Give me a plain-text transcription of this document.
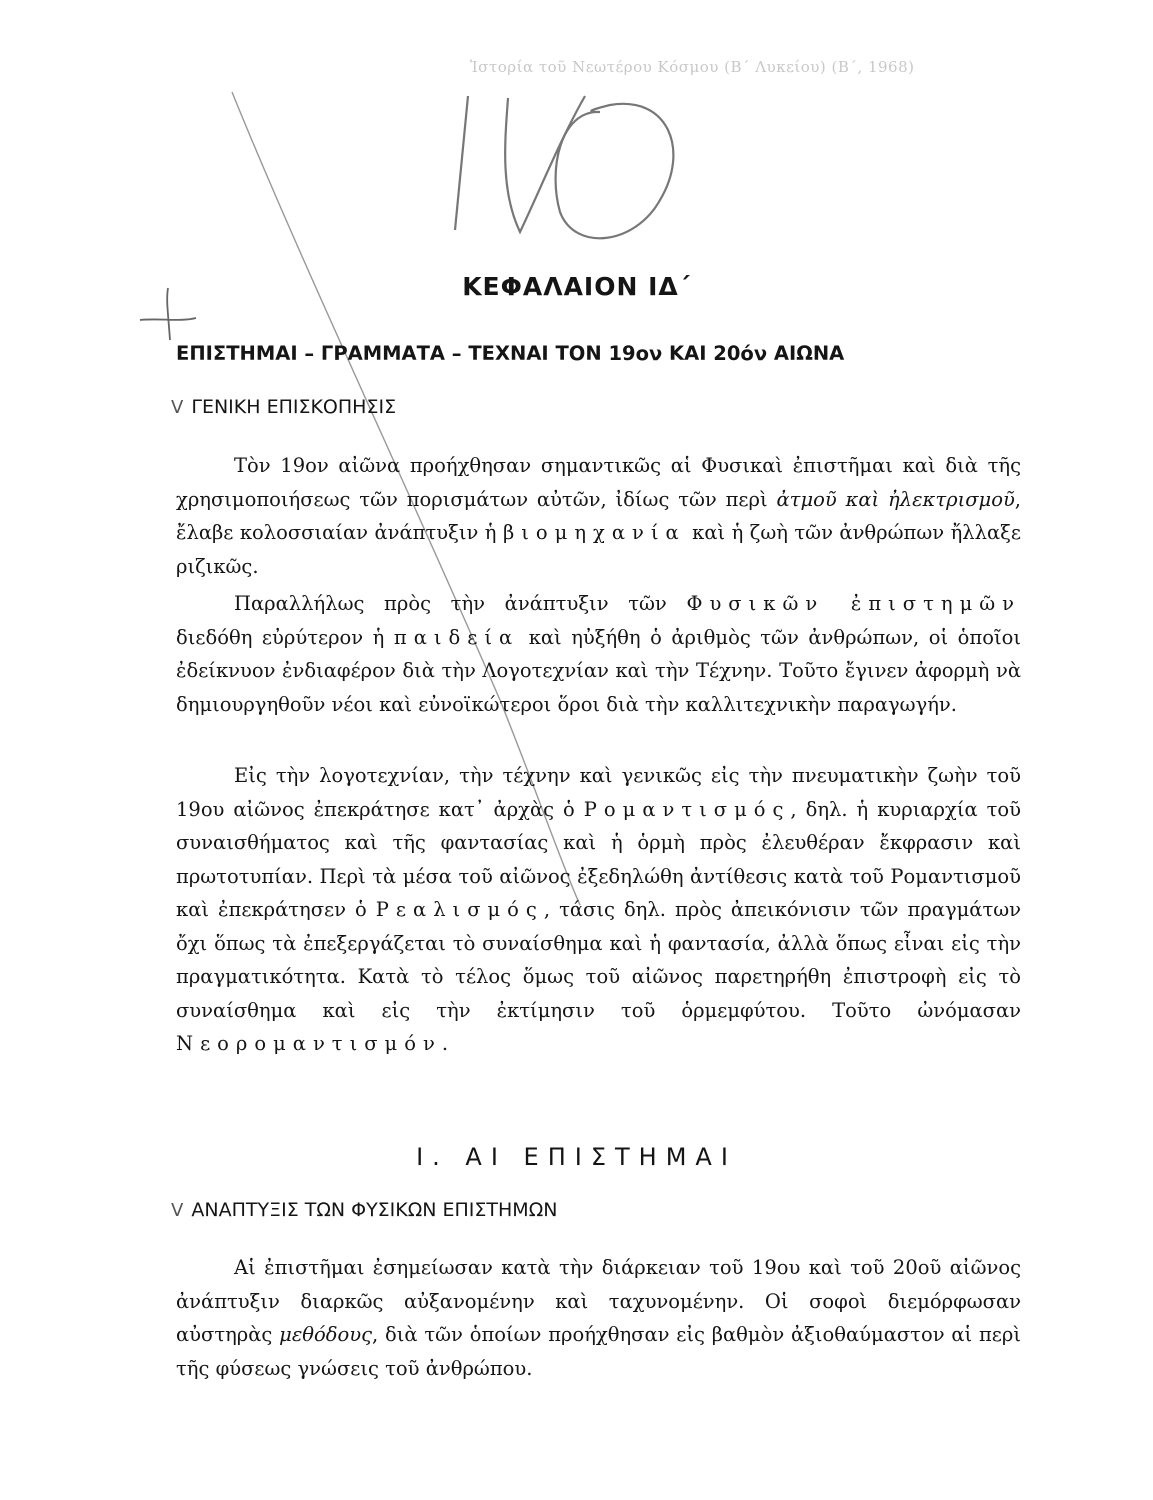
Ἱστορία τοῦ Νεωτέρου Κόσμου (Β΄ Λυκείου) (Β΄, 1968)
ΚΕΦΑΛΑΙΟΝ ΙΔ΄
ΕΠΙΣΤΗΜΑΙ – ΓΡΑΜΜΑΤΑ – ΤΕΧΝΑΙ ΤΟΝ 19ον ΚΑΙ 20όν ΑΙΩΝΑ
V ΓΕΝΙΚΗ ΕΠΙΣΚΟΠΗΣΙΣ

Τὸν 19ον αἰῶνα προήχθησαν σημαντικῶς αἱ Φυσικαὶ ἐπιστῆμαι καὶ διὰ τῆς χρησιμοποιήσεως τῶν πορισμάτων αὐτῶν, ἰδίως τῶν περὶ ἀτμοῦ καὶ ἠλεκτρισμοῦ, ἔλαβε κολοσσιαίαν ἀνάπτυξιν ἡ βιομηχανία καὶ ἡ ζωὴ τῶν ἀνθρώπων ἤλλαξε ριζικῶς.

Παραλλήλως πρὸς τὴν ἀνάπτυξιν τῶν Φυσικῶν ἐπιστημῶν διεδόθη εὐρύτερον ἡ παιδεία καὶ ηὐξήθη ὁ ἀριθμὸς τῶν ἀνθρώπων, οἱ ὁποῖοι ἐδείκνυον ἐνδιαφέρον διὰ τὴν Λογοτεχνίαν καὶ τὴν Τέχνην. Τοῦτο ἔγινεν ἀφορμὴ νὰ δημιουργηθοῦν νέοι καὶ εὐνοϊκώτεροι ὅροι διὰ τὴν καλλιτεχνικὴν παραγωγήν.

Εἰς τὴν λογοτεχνίαν, τὴν τέχνην καὶ γενικῶς εἰς τὴν πνευματικὴν ζωὴν τοῦ 19ου αἰῶνος ἐπεκράτησε κατ᾽ ἀρχὰς ὁ Ρομαντισμός, δηλ. ἡ κυριαρχία τοῦ συναισθήματος καὶ τῆς φαντασίας καὶ ἡ ὁρμὴ πρὸς ἐλευθέραν ἔκφρασιν καὶ πρωτοτυπίαν. Περὶ τὰ μέσα τοῦ αἰῶνος ἐξεδηλώθη ἀντίθεσις κατὰ τοῦ Ρομαντισμοῦ καὶ ἐπεκράτησεν ὁ Ρεαλισμός, τάσις δηλ. πρὸς ἀπεικόνισιν τῶν πραγμάτων ὄχι ὅπως τὰ ἐπεξεργάζεται τὸ συναίσθημα καὶ ἡ φαντασία, ἀλλὰ ὅπως εἶναι εἰς τὴν πραγματικότητα. Κατὰ τὸ τέλος ὅμως τοῦ αἰῶνος παρετηρήθη ἐπιστροφὴ εἰς τὸ συναίσθημα καὶ εἰς τὴν ἐκτίμησιν τοῦ ὁρμεμφύτου. Τοῦτο ὠνόμασαν Νεορομαντισμόν.

Ι. ΑΙ ΕΠΙΣΤΗΜΑΙ
V ΑΝΑΠΤΥΞΙΣ ΤΩΝ ΦΥΣΙΚΩΝ ΕΠΙΣΤΗΜΩΝ

Αἱ ἐπιστῆμαι ἐσημείωσαν κατὰ τὴν διάρκειαν τοῦ 19ου καὶ τοῦ 20οῦ αἰῶνος ἀνάπτυξιν διαρκῶς αὐξανομένην καὶ ταχυνομένην. Οἱ σοφοὶ διεμόρφωσαν αὐστηρὰς μεθόδους, διὰ τῶν ὁποίων προήχθησαν εἰς βαθμὸν ἀξιοθαύμαστον αἱ περὶ τῆς φύσεως γνώσεις τοῦ ἀνθρώπου.
